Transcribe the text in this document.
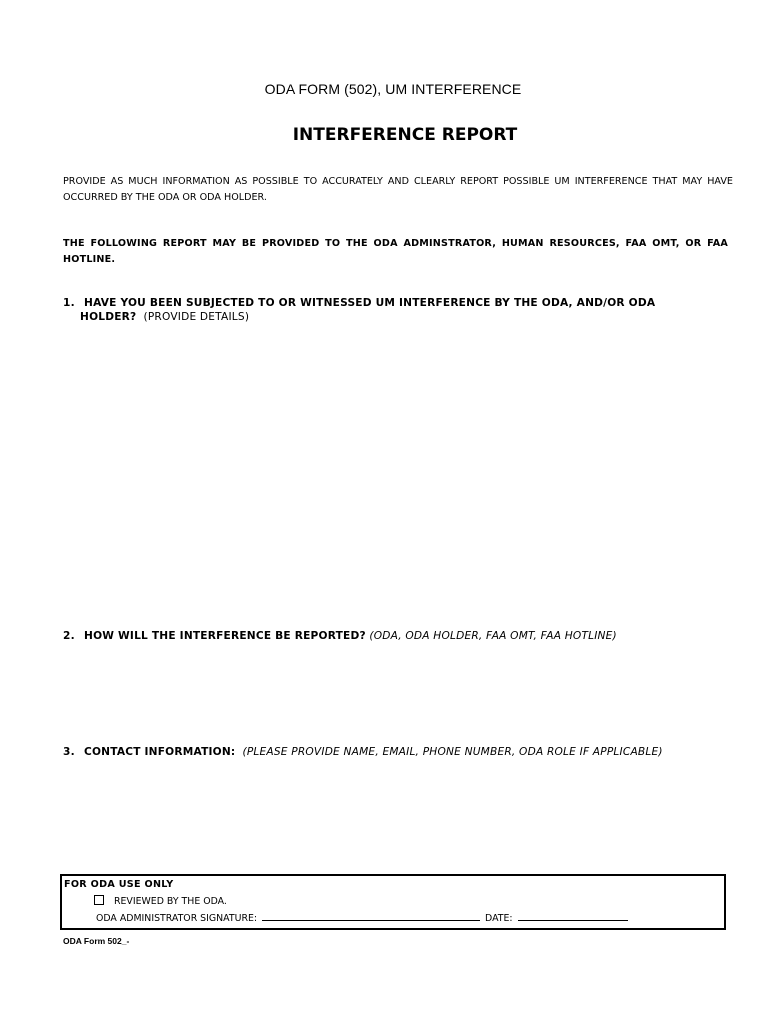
ODA FORM (502), UM INTERFERENCE
INTERFERENCE REPORT
PROVIDE AS MUCH INFORMATION AS POSSIBLE TO ACCURATELY AND CLEARLY REPORT POSSIBLE UM INTERFERENCE THAT MAY HAVE OCCURRED BY THE ODA OR ODA HOLDER.
THE FOLLOWING REPORT MAY BE PROVIDED TO THE ODA ADMINSTRATOR, HUMAN RESOURCES, FAA OMT, OR FAA HOTLINE.
1. HAVE YOU BEEN SUBJECTED TO OR WITNESSED UM INTERFERENCE BY THE ODA, AND/OR ODA
HOLDER? (PROVIDE DETAILS)
2. HOW WILL THE INTERFERENCE BE REPORTED? (ODA, ODA HOLDER, FAA OMT, FAA HOTLINE)
3. CONTACT INFORMATION: (PLEASE PROVIDE NAME, EMAIL, PHONE NUMBER, ODA ROLE IF APPLICABLE)
FOR ODA USE ONLY
REVIEWED BY THE ODA.
ODA ADMINISTRATOR SIGNATURE:	DATE:
ODA Form 502_-
